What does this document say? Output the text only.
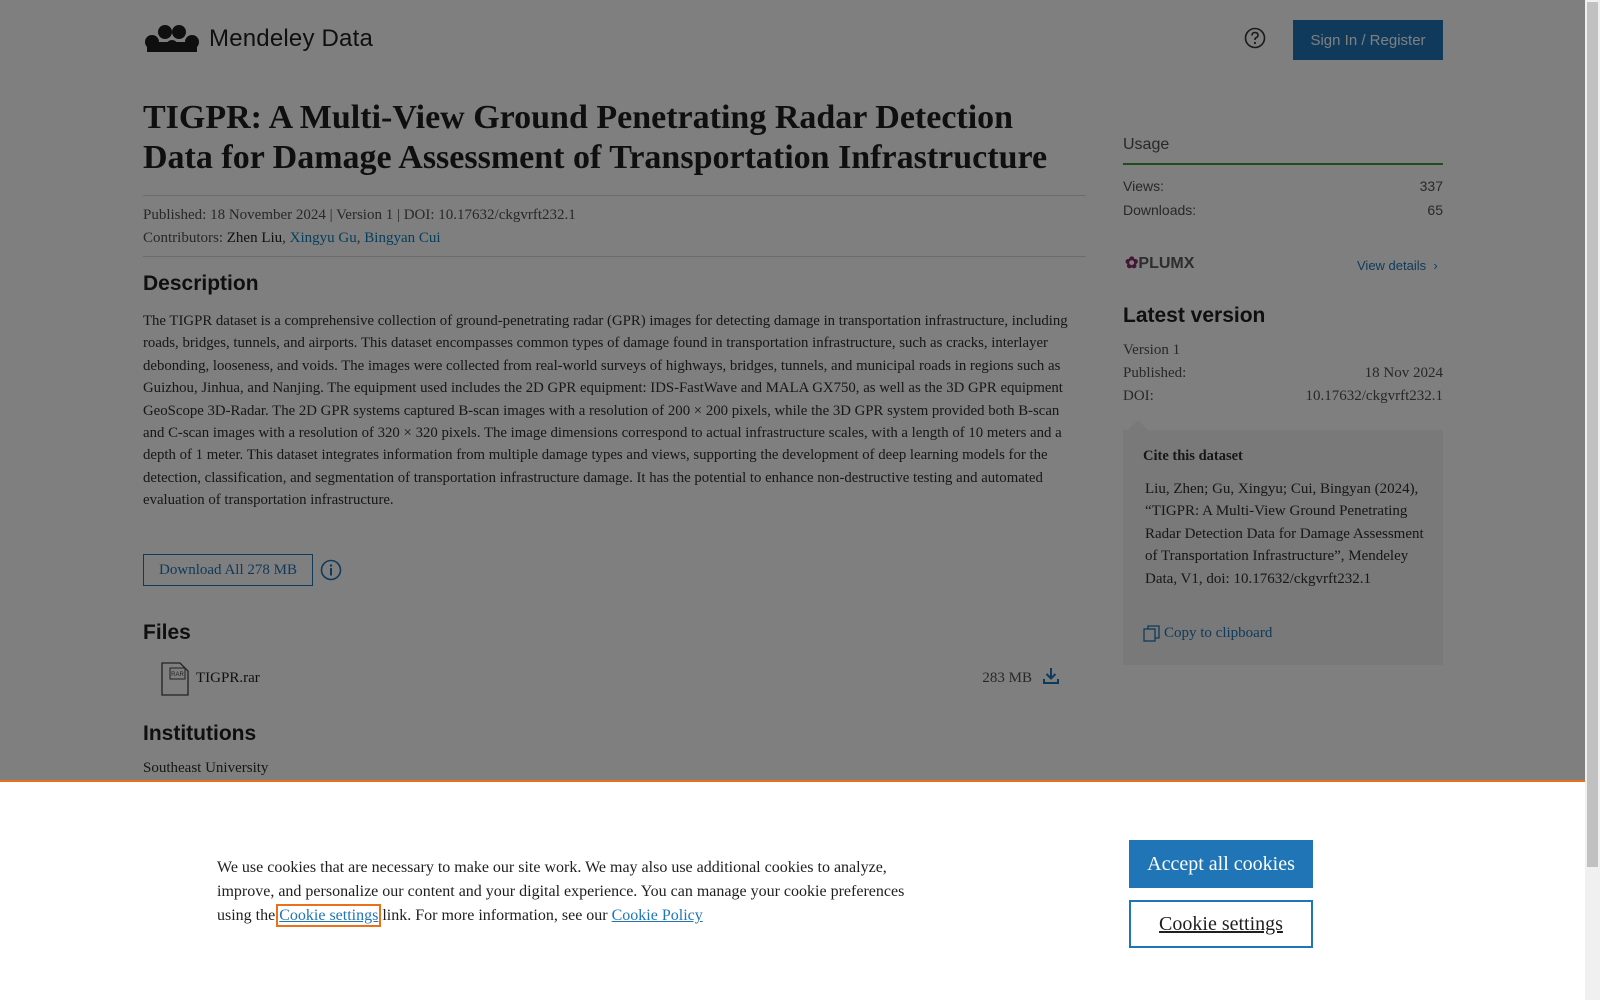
We use cookies that are necessary to make our site work. We may also use additional cookies to analyze, improve, and personalize our content and your digital experience. You can manage your cookie preferences using the Cookie settings link. For more information, see our Cookie Policy

Accept all cookies
Cookie settings
